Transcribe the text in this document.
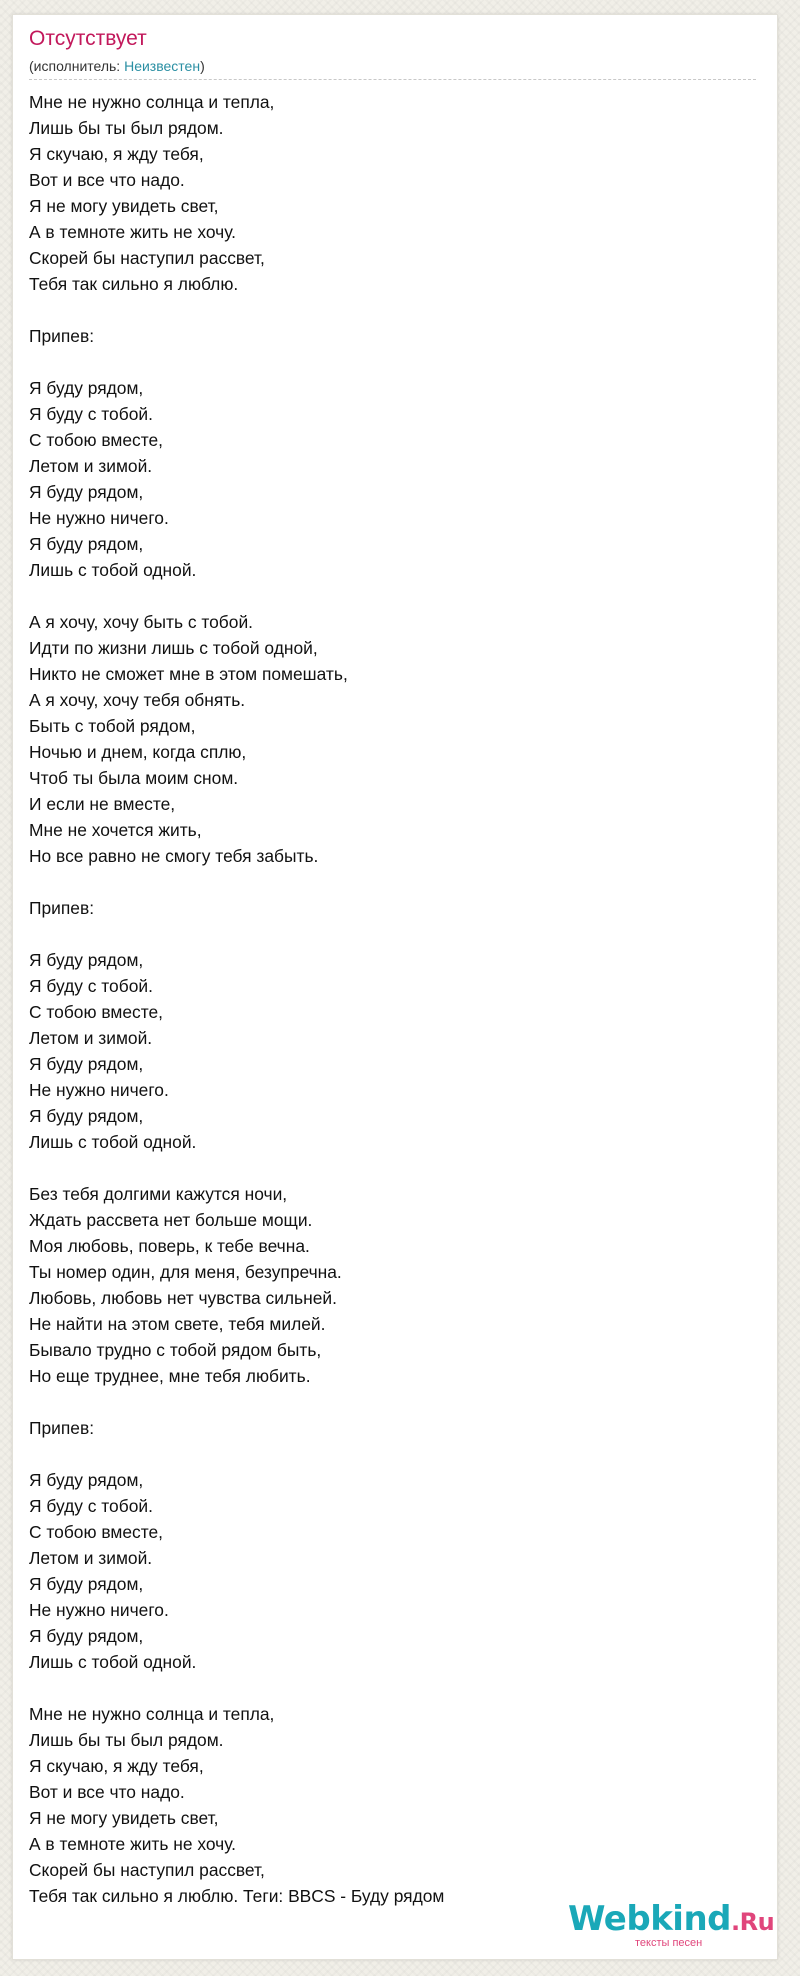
Отсутствует
(исполнитель: Неизвестен)
Мне не нужно солнца и тепла,
Лишь бы ты был рядом.
Я скучаю, я жду тебя,
Вот и все что надо.
Я не могу увидеть свет,
А в темноте жить не хочу.
Скорей бы наступил рассвет,
Тебя так сильно я люблю.
Припев:
Я буду рядом,
Я буду с тобой.
С тобою вместе,
Летом и зимой.
Я буду рядом,
Не нужно ничего.
Я буду рядом,
Лишь с тобой одной.
А я хочу, хочу быть с тобой.
Идти по жизни лишь с тобой одной,
Никто не сможет мне в этом помешать,
А я хочу, хочу тебя обнять.
Быть с тобой рядом,
Ночью и днем, когда сплю,
Чтоб ты была моим сном.
И если не вместе,
Мне не хочется жить,
Но все равно не смогу тебя забыть.
Припев:
Я буду рядом,
Я буду с тобой.
С тобою вместе,
Летом и зимой.
Я буду рядом,
Не нужно ничего.
Я буду рядом,
Лишь с тобой одной.
Без тебя долгими кажутся ночи,
Ждать рассвета нет больше мощи.
Моя любовь, поверь, к тебе вечна.
Ты номер один, для меня, безупречна.
Любовь, любовь нет чувства сильней.
Не найти на этом свете, тебя милей.
Бывало трудно с тобой рядом быть,
Но еще труднее, мне тебя любить.
Припев:
Я буду рядом,
Я буду с тобой.
С тобою вместе,
Летом и зимой.
Я буду рядом,
Не нужно ничего.
Я буду рядом,
Лишь с тобой одной.
Мне не нужно солнца и тепла,
Лишь бы ты был рядом.
Я скучаю, я жду тебя,
Вот и все что надо.
Я не могу увидеть свет,
А в темноте жить не хочу.
Скорей бы наступил рассвет,
Тебя так сильно я люблю. Теги: BBCS - Буду рядом
Webkind.Ru
тексты песен
